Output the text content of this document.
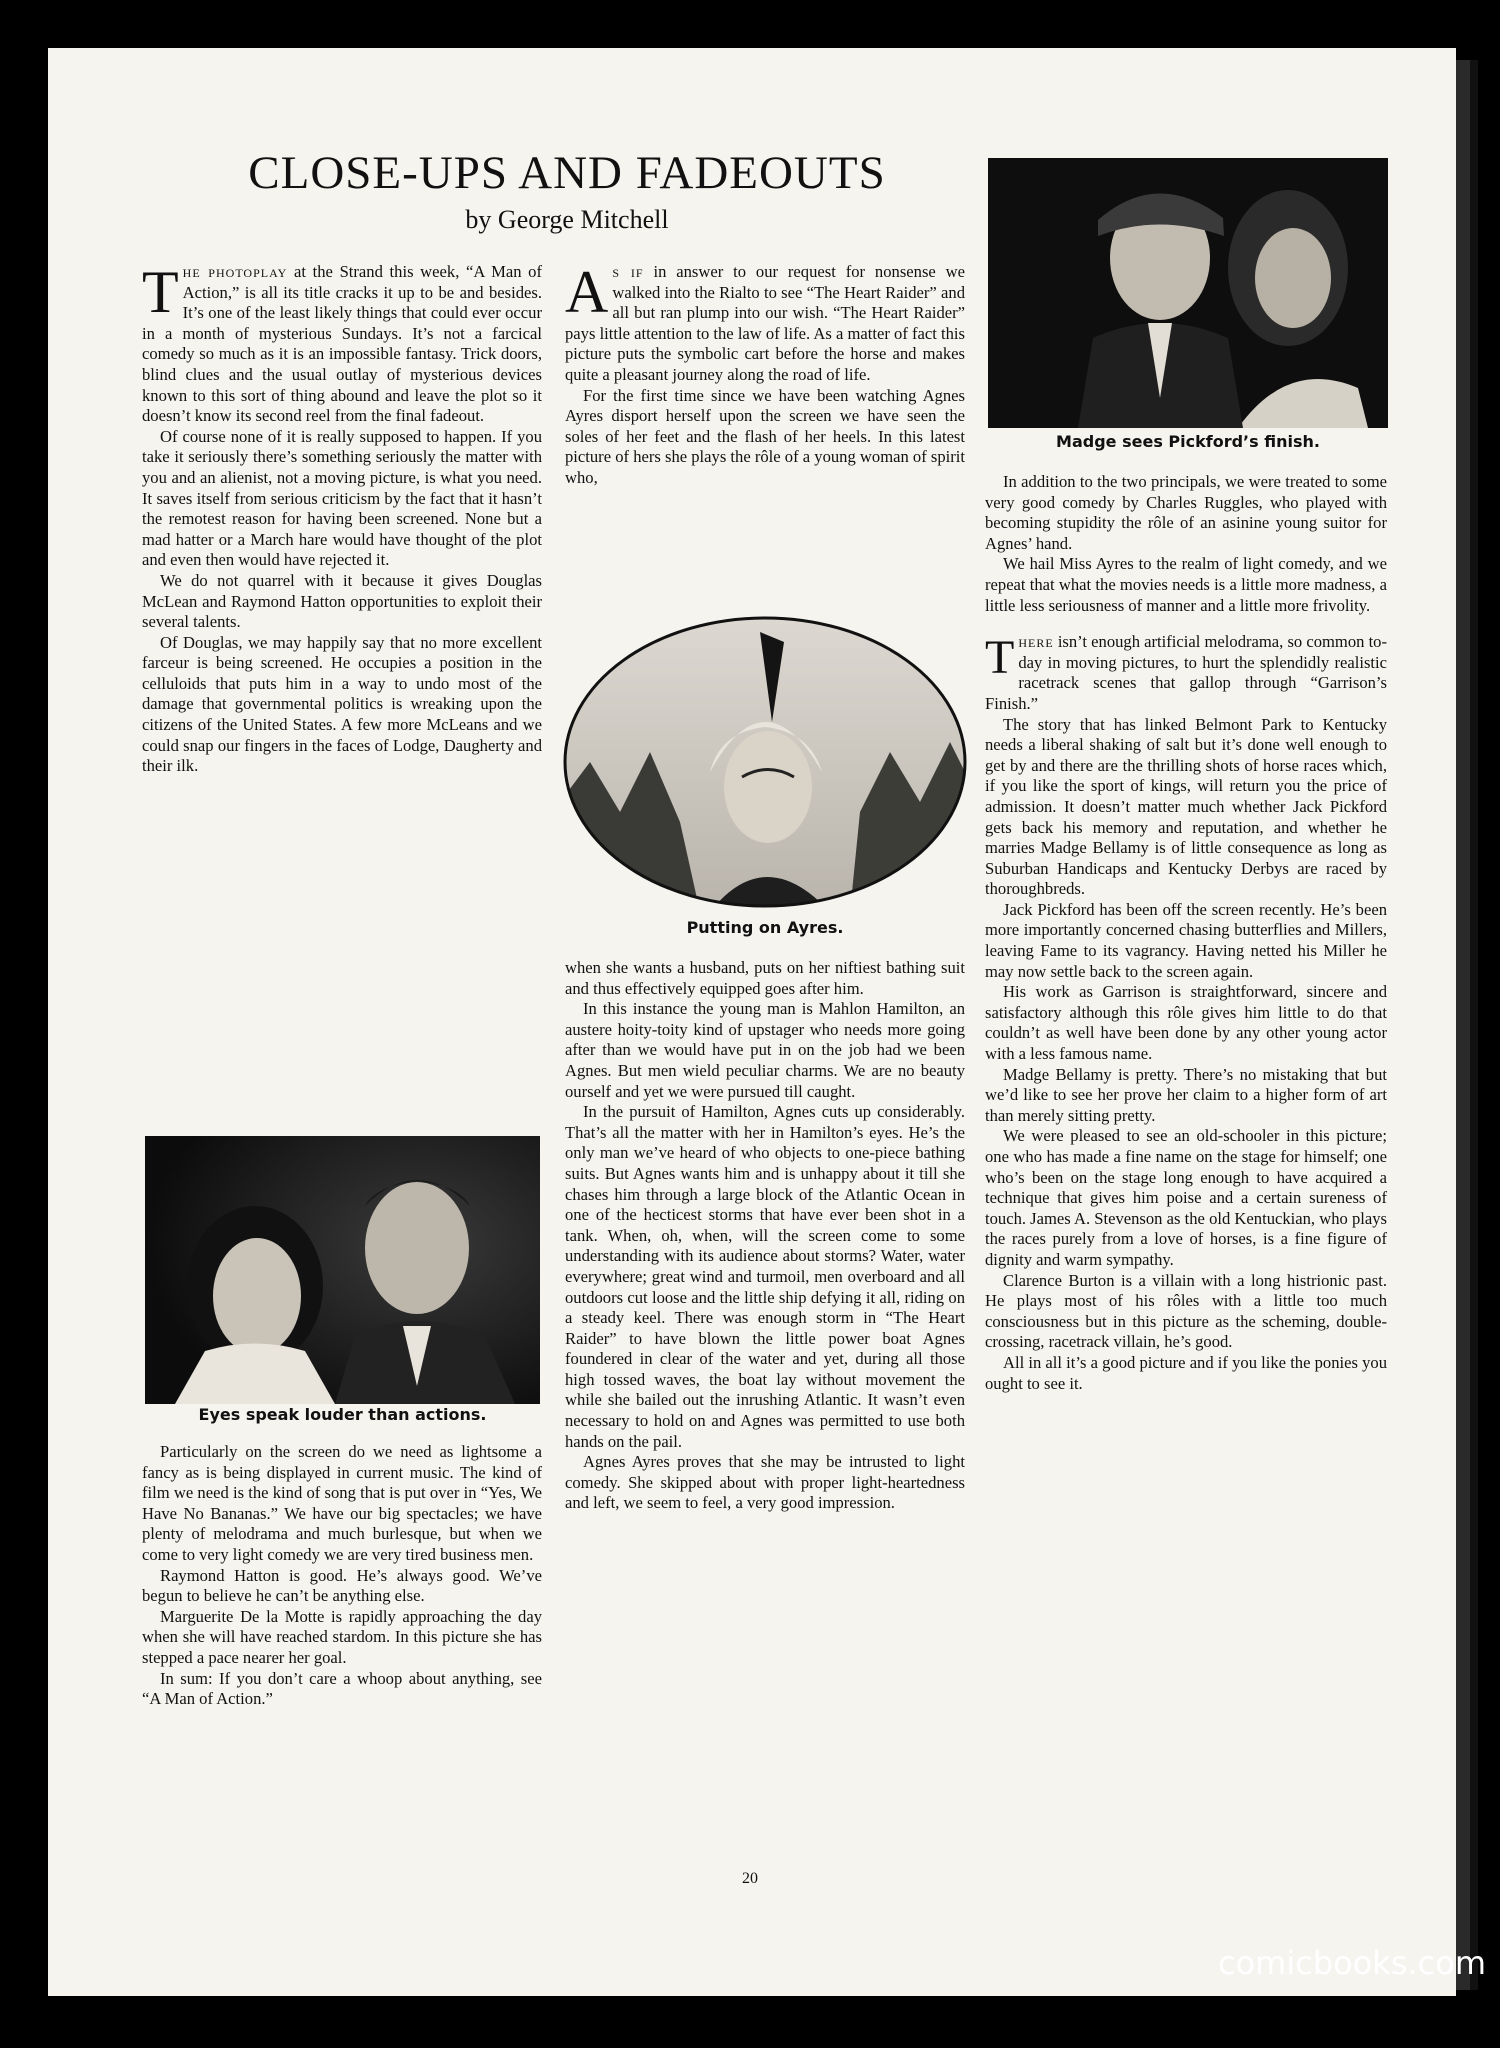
CLOSE-UPS AND FADEOUTS
by George Mitchell

The photoplay at the Strand this week, “A Man of Action,” is all its title cracks it up to be and besides. It’s one of the least likely things that could ever occur in a month of mysterious Sundays. It’s not a farcical comedy so much as it is an impossible fantasy. Trick doors, blind clues and the usual outlay of mysterious devices known to this sort of thing abound and leave the plot so it doesn’t know its second reel from the final fadeout.

Of course none of it is really supposed to happen. If you take it seriously there’s something seriously the matter with you and an alienist, not a moving picture, is what you need. It saves itself from serious criticism by the fact that it hasn’t the remotest reason for having been screened. None but a mad hatter or a March hare would have thought of the plot and even then would have rejected it.

We do not quarrel with it because it gives Douglas McLean and Raymond Hatton opportunities to exploit their several talents.

Of Douglas, we may happily say that no more excellent farceur is being screened. He occupies a position in the celluloids that puts him in a way to undo most of the damage that governmental politics is wreaking upon the citizens of the United States. A few more McLeans and we could snap our fingers in the faces of Lodge, Daugherty and their ilk.

Eyes speak louder than actions.

Particularly on the screen do we need as lightsome a fancy as is being displayed in current music. The kind of film we need is the kind of song that is put over in “Yes, We Have No Bananas.” We have our big spectacles; we have plenty of melodrama and much burlesque, but when we come to very light comedy we are very tired business men.

Raymond Hatton is good. He’s always good. We’ve begun to believe he can’t be anything else.

Marguerite De la Motte is rapidly approaching the day when she will have reached stardom. In this picture she has stepped a pace nearer her goal.

In sum: If you don’t care a whoop about anything, see “A Man of Action.”

As if in answer to our request for nonsense we walked into the Rialto to see “The Heart Raider” and all but ran plump into our wish. “The Heart Raider” pays little attention to the law of life. As a matter of fact this picture puts the symbolic cart before the horse and makes quite a pleasant journey along the road of life.

For the first time since we have been watching Agnes Ayres disport herself upon the screen we have seen the soles of her feet and the flash of her heels. In this latest picture of hers she plays the rôle of a young woman of spirit who,

Putting on Ayres.

when she wants a husband, puts on her niftiest bathing suit and thus effectively equipped goes after him.

In this instance the young man is Mahlon Hamilton, an austere hoity-toity kind of upstager who needs more going after than we would have put in on the job had we been Agnes. But men wield peculiar charms. We are no beauty ourself and yet we were pursued till caught.

In the pursuit of Hamilton, Agnes cuts up considerably. That’s all the matter with her in Hamilton’s eyes. He’s the only man we’ve heard of who objects to one-piece bathing suits. But Agnes wants him and is unhappy about it till she chases him through a large block of the Atlantic Ocean in one of the hecticest storms that have ever been shot in a tank. When, oh, when, will the screen come to some understanding with its audience about storms? Water, water everywhere; great wind and turmoil, men overboard and all outdoors cut loose and the little ship defying it all, riding on a steady keel. There was enough storm in “The Heart Raider” to have blown the little power boat Agnes foundered in clear of the water and yet, during all those high tossed waves, the boat lay without movement the while she bailed out the inrushing Atlantic. It wasn’t even necessary to hold on and Agnes was permitted to use both hands on the pail.

Agnes Ayres proves that she may be intrusted to light comedy. She skipped about with proper light-heartedness and left, we seem to feel, a very good impression.

Madge sees Pickford’s finish.

In addition to the two principals, we were treated to some very good comedy by Charles Ruggles, who played with becoming stupidity the rôle of an asinine young suitor for Agnes’ hand.

We hail Miss Ayres to the realm of light comedy, and we repeat that what the movies needs is a little more madness, a little less seriousness of manner and a little more frivolity.

There isn’t enough artificial melodrama, so common to-day in moving pictures, to hurt the splendidly realistic racetrack scenes that gallop through “Garrison’s Finish.”

The story that has linked Belmont Park to Kentucky needs a liberal shaking of salt but it’s done well enough to get by and there are the thrilling shots of horse races which, if you like the sport of kings, will return you the price of admission. It doesn’t matter much whether Jack Pickford gets back his memory and reputation, and whether he marries Madge Bellamy is of little consequence as long as Suburban Handicaps and Kentucky Derbys are raced by thoroughbreds.

Jack Pickford has been off the screen recently. He’s been more importantly concerned chasing butterflies and Millers, leaving Fame to its vagrancy. Having netted his Miller he may now settle back to the screen again.

His work as Garrison is straightforward, sincere and satisfactory although this rôle gives him little to do that couldn’t as well have been done by any other young actor with a less famous name.

Madge Bellamy is pretty. There’s no mistaking that but we’d like to see her prove her claim to a higher form of art than merely sitting pretty.

We were pleased to see an old-schooler in this picture; one who has made a fine name on the stage for himself; one who’s been on the stage long enough to have acquired a technique that gives him poise and a certain sureness of touch. James A. Stevenson as the old Kentuckian, who plays the races purely from a love of horses, is a fine figure of dignity and warm sympathy.

Clarence Burton is a villain with a long histrionic past. He plays most of his rôles with a little too much consciousness but in this picture as the scheming, double-crossing, racetrack villain, he’s good.

All in all it’s a good picture and if you like the ponies you ought to see it.

20
comicbooks.com
